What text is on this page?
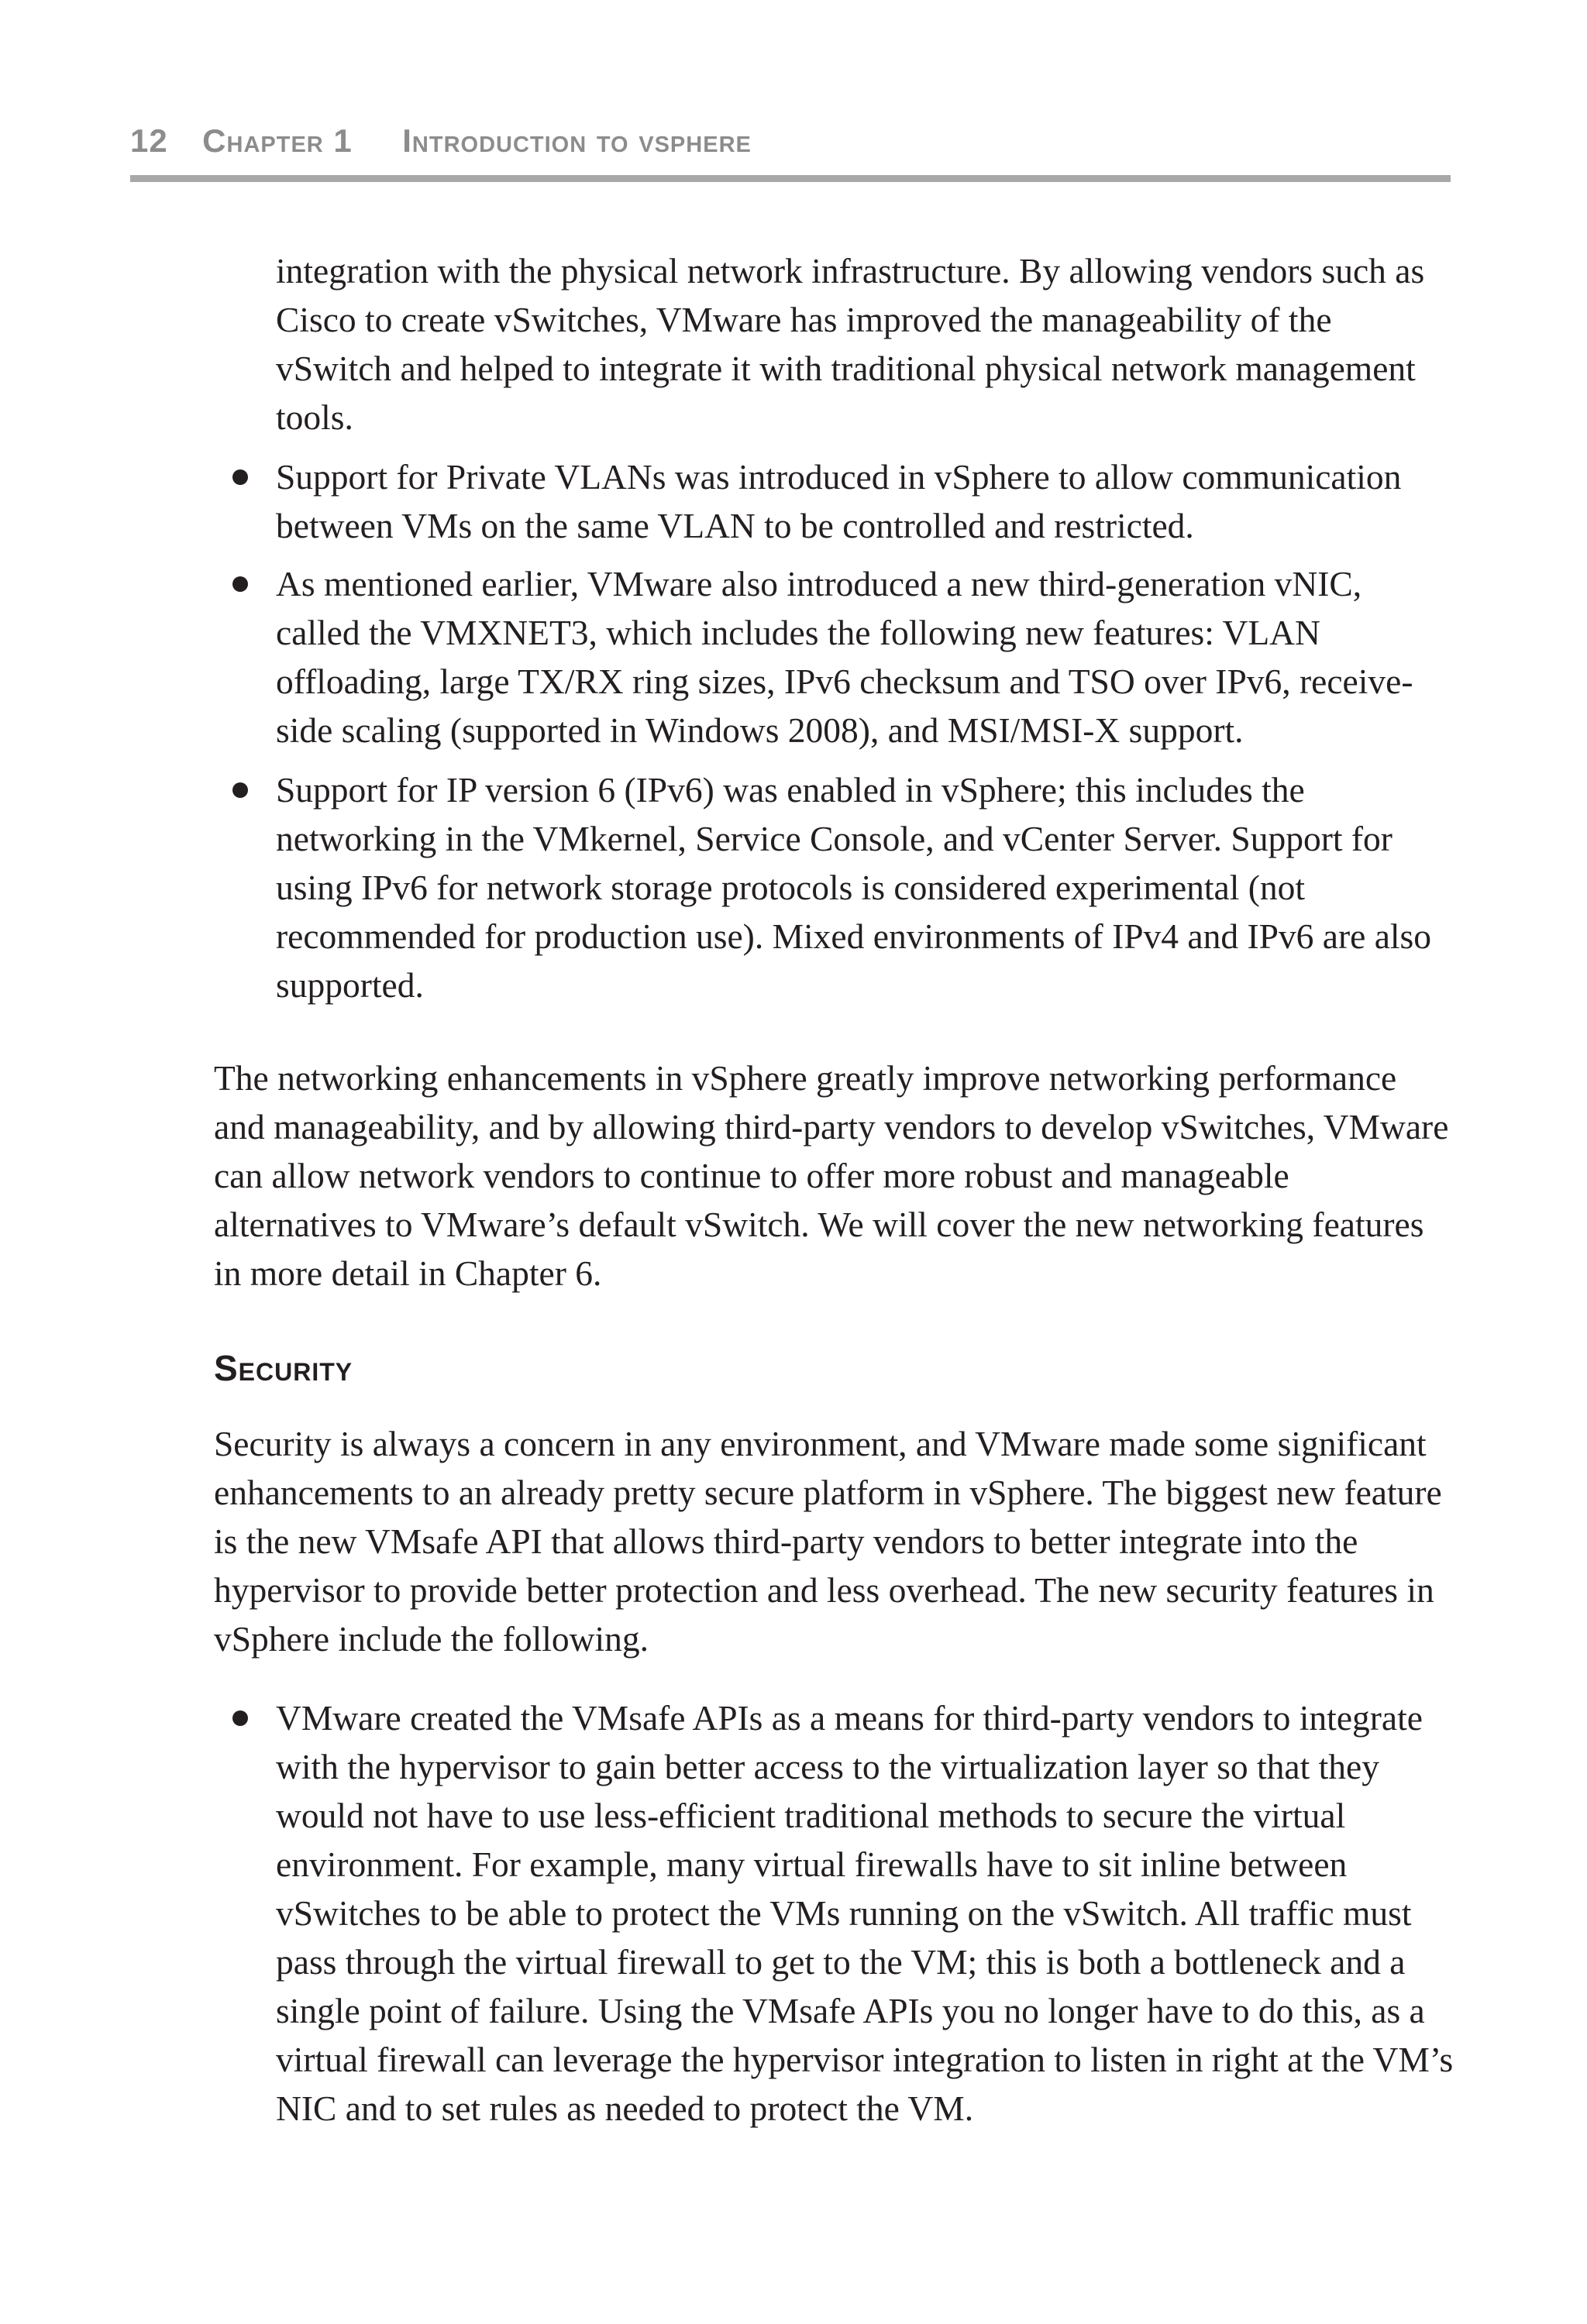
12 chapter 1 introduction to vsphere

integration with the physical network infrastructure. By allowing vendors such as Cisco to create vSwitches, VMware has improved the manageability of the vSwitch and helped to integrate it with traditional physical network management tools.

Support for Private VLANs was introduced in vSphere to allow communication between VMs on the same VLAN to be controlled and restricted.

As mentioned earlier, VMware also introduced a new third-generation vNIC, called the VMXNET3, which includes the following new features: VLAN offloading, large TX/RX ring sizes, IPv6 checksum and TSO over IPv6, receive-side scaling (supported in Windows 2008), and MSI/MSI-X support.

Support for IP version 6 (IPv6) was enabled in vSphere; this includes the networking in the VMkernel, Service Console, and vCenter Server. Support for using IPv6 for network storage protocols is considered experimental (not recommended for production use). Mixed environments of IPv4 and IPv6 are also supported.

The networking enhancements in vSphere greatly improve networking performance and manageability, and by allowing third-party vendors to develop vSwitches, VMware can allow network vendors to continue to offer more robust and manageable alternatives to VMware’s default vSwitch. We will cover the new networking features in more detail in Chapter 6.

Security

Security is always a concern in any environment, and VMware made some significant enhancements to an already pretty secure platform in vSphere. The biggest new feature is the new VMsafe API that allows third-party vendors to better integrate into the hypervisor to provide better protection and less overhead. The new security features in vSphere include the following.

VMware created the VMsafe APIs as a means for third-party vendors to integrate with the hypervisor to gain better access to the virtualization layer so that they would not have to use less-efficient traditional methods to secure the virtual environment. For example, many virtual firewalls have to sit inline between vSwitches to be able to protect the VMs running on the vSwitch. All traffic must pass through the virtual firewall to get to the VM; this is both a bottleneck and a single point of failure. Using the VMsafe APIs you no longer have to do this, as a virtual firewall can leverage the hypervisor integration to listen in right at the VM’s NIC and to set rules as needed to protect the VM.
